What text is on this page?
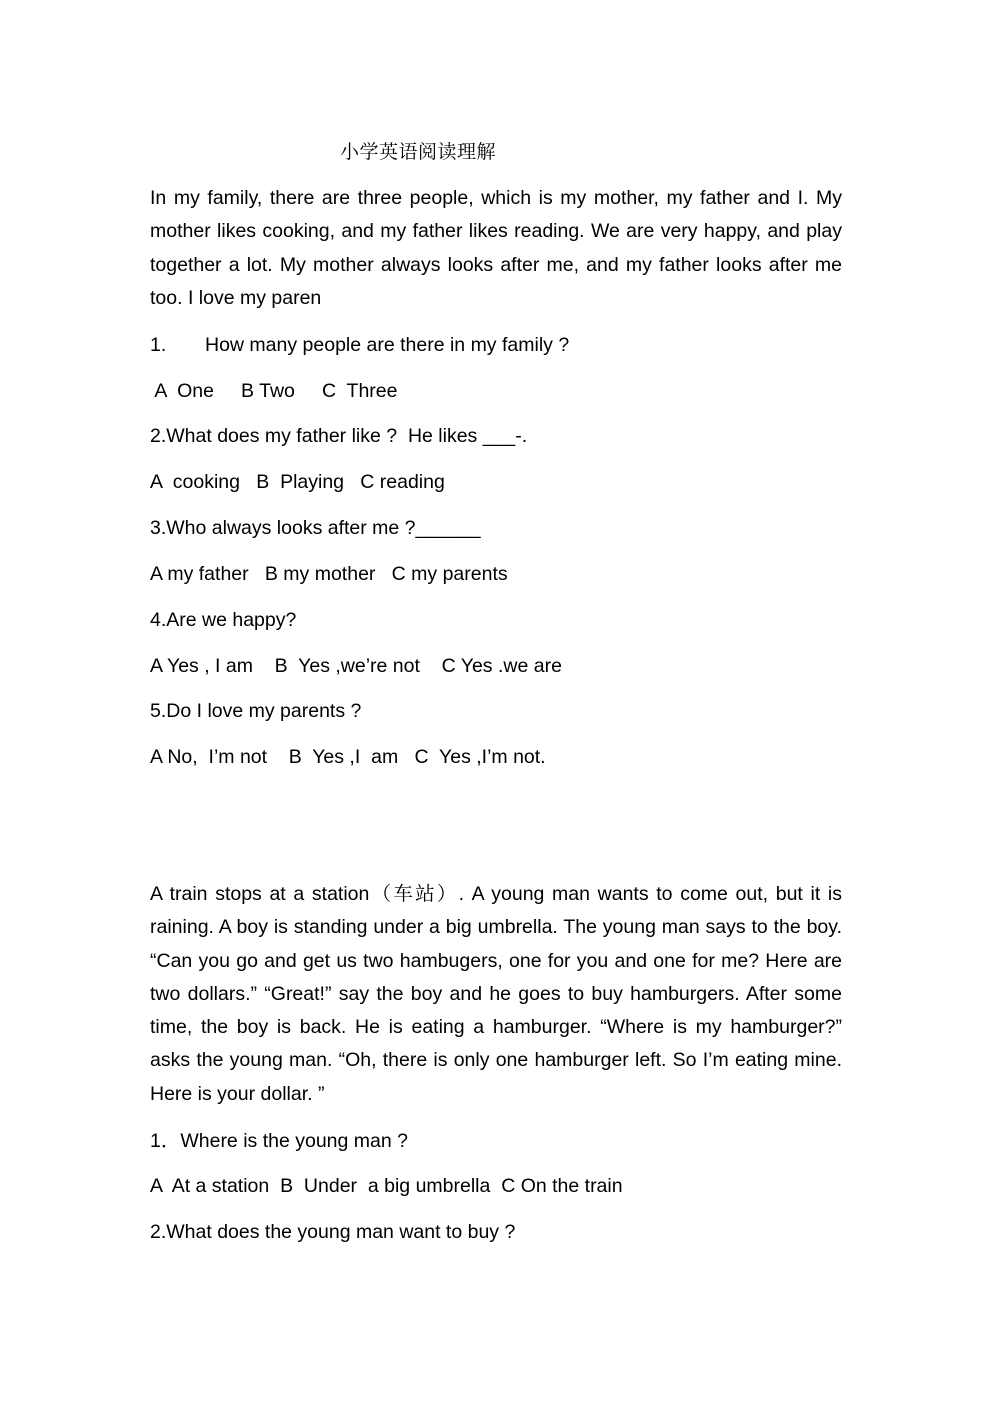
小学英语阅读理解

In my family, there are three people, which is my mother, my father and I. My mother likes cooking, and my father likes reading. We are very happy, and play together a lot. My mother always looks after me, and my father looks after me too. I love my paren

1. How many people are there in my family ?
A  One     B Two     C  Three
2.What does my father like ?  He likes ___-.
A  cooking   B  Playing   C reading
3.Who always looks after me ?______
A my father   B my mother   C my parents
4.Are we happy?
A Yes , I am    B  Yes ,we’re not    C Yes .we are
5.Do I love my parents ?
A No,  I’m not    B  Yes ,I  am   C  Yes ,I’m not.

A train stops at a station（车站）. A young man wants to come out, but it is raining. A boy is standing under a big umbrella. The young man says to the boy. “Can you go and get us two hambugers, one for you and one for me? Here are two dollars.” “Great!” say the boy and he goes to buy hamburgers. After some time, the boy is back. He is eating a hamburger. “Where is my hamburger?” asks the young man. “Oh, there is only one hamburger left. So I’m eating mine. Here is your dollar. ”

1．Where is the young man ?
A  At a station  B  Under  a big umbrella  C On the train
2.What does the young man want to buy ?
